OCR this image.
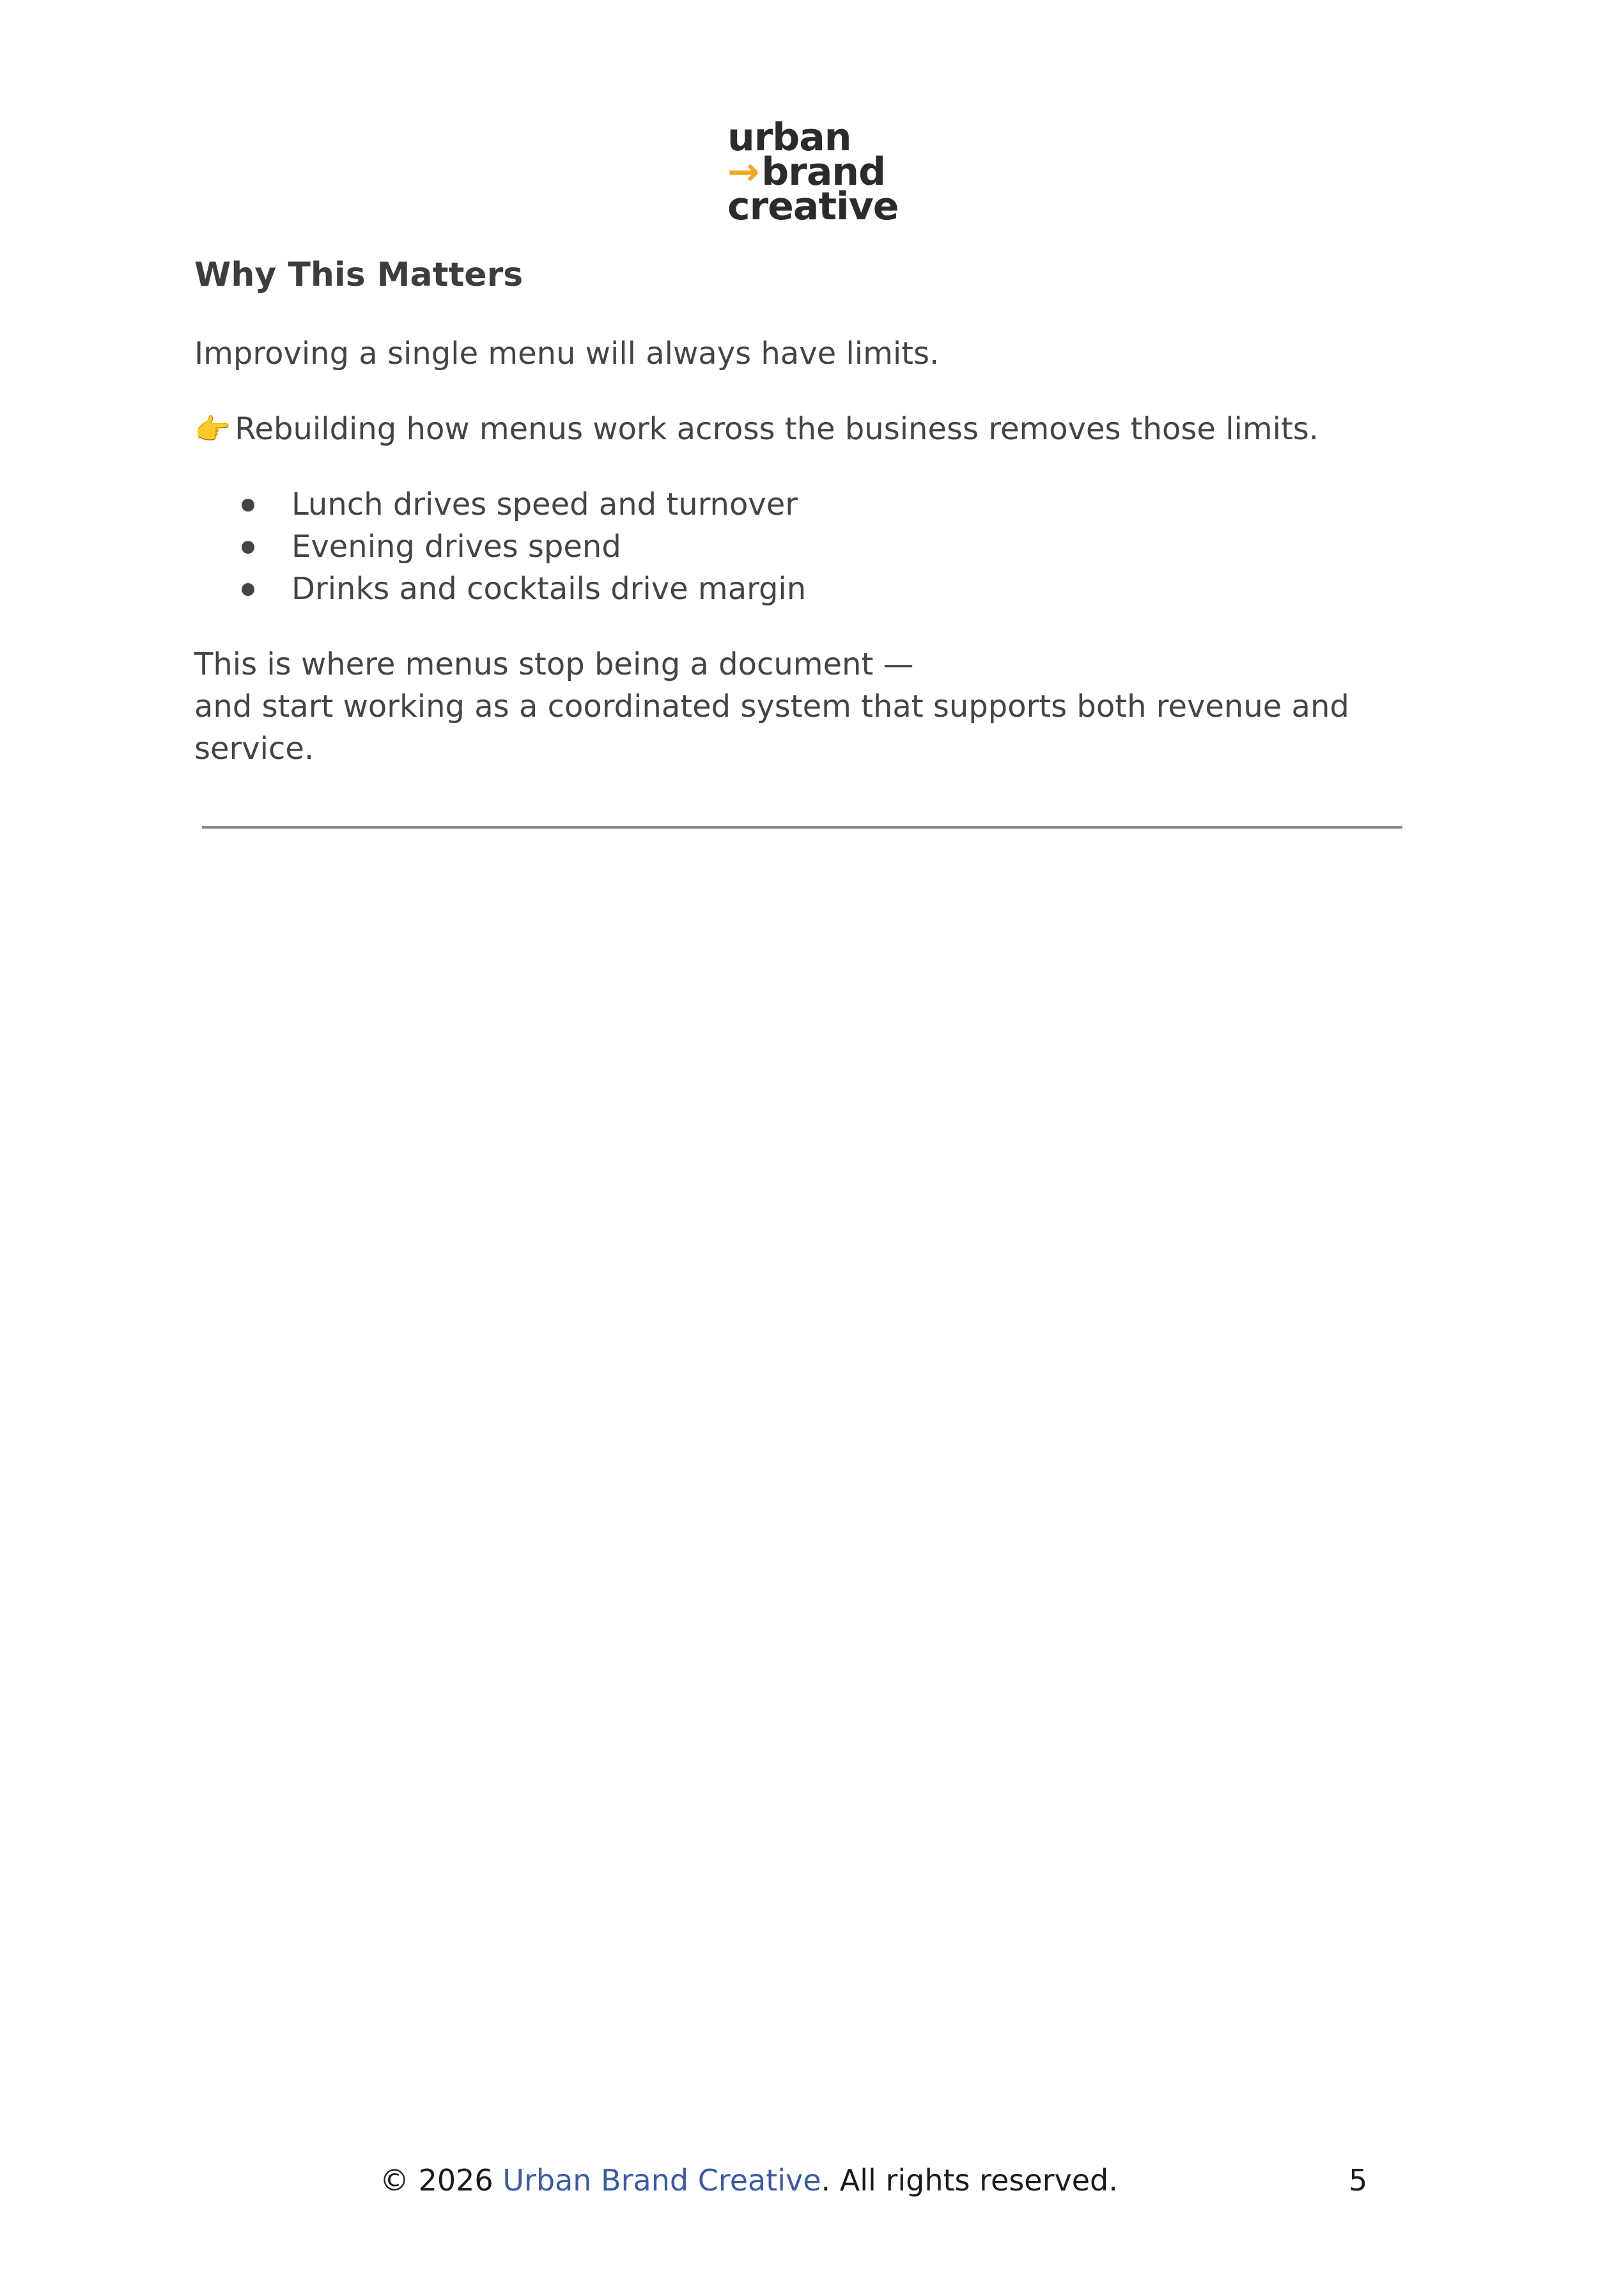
urban
→brand
creative
Why This Matters

Improving a single menu will always have limits.

👉 Rebuilding how menus work across the business removes those limits.

Lunch drives speed and turnover
Evening drives spend
Drinks and cocktails drive margin

This is where menus stop being a document —
and start working as a coordinated system that supports both revenue and service.

© 2026 Urban Brand Creative. All rights reserved.	5
